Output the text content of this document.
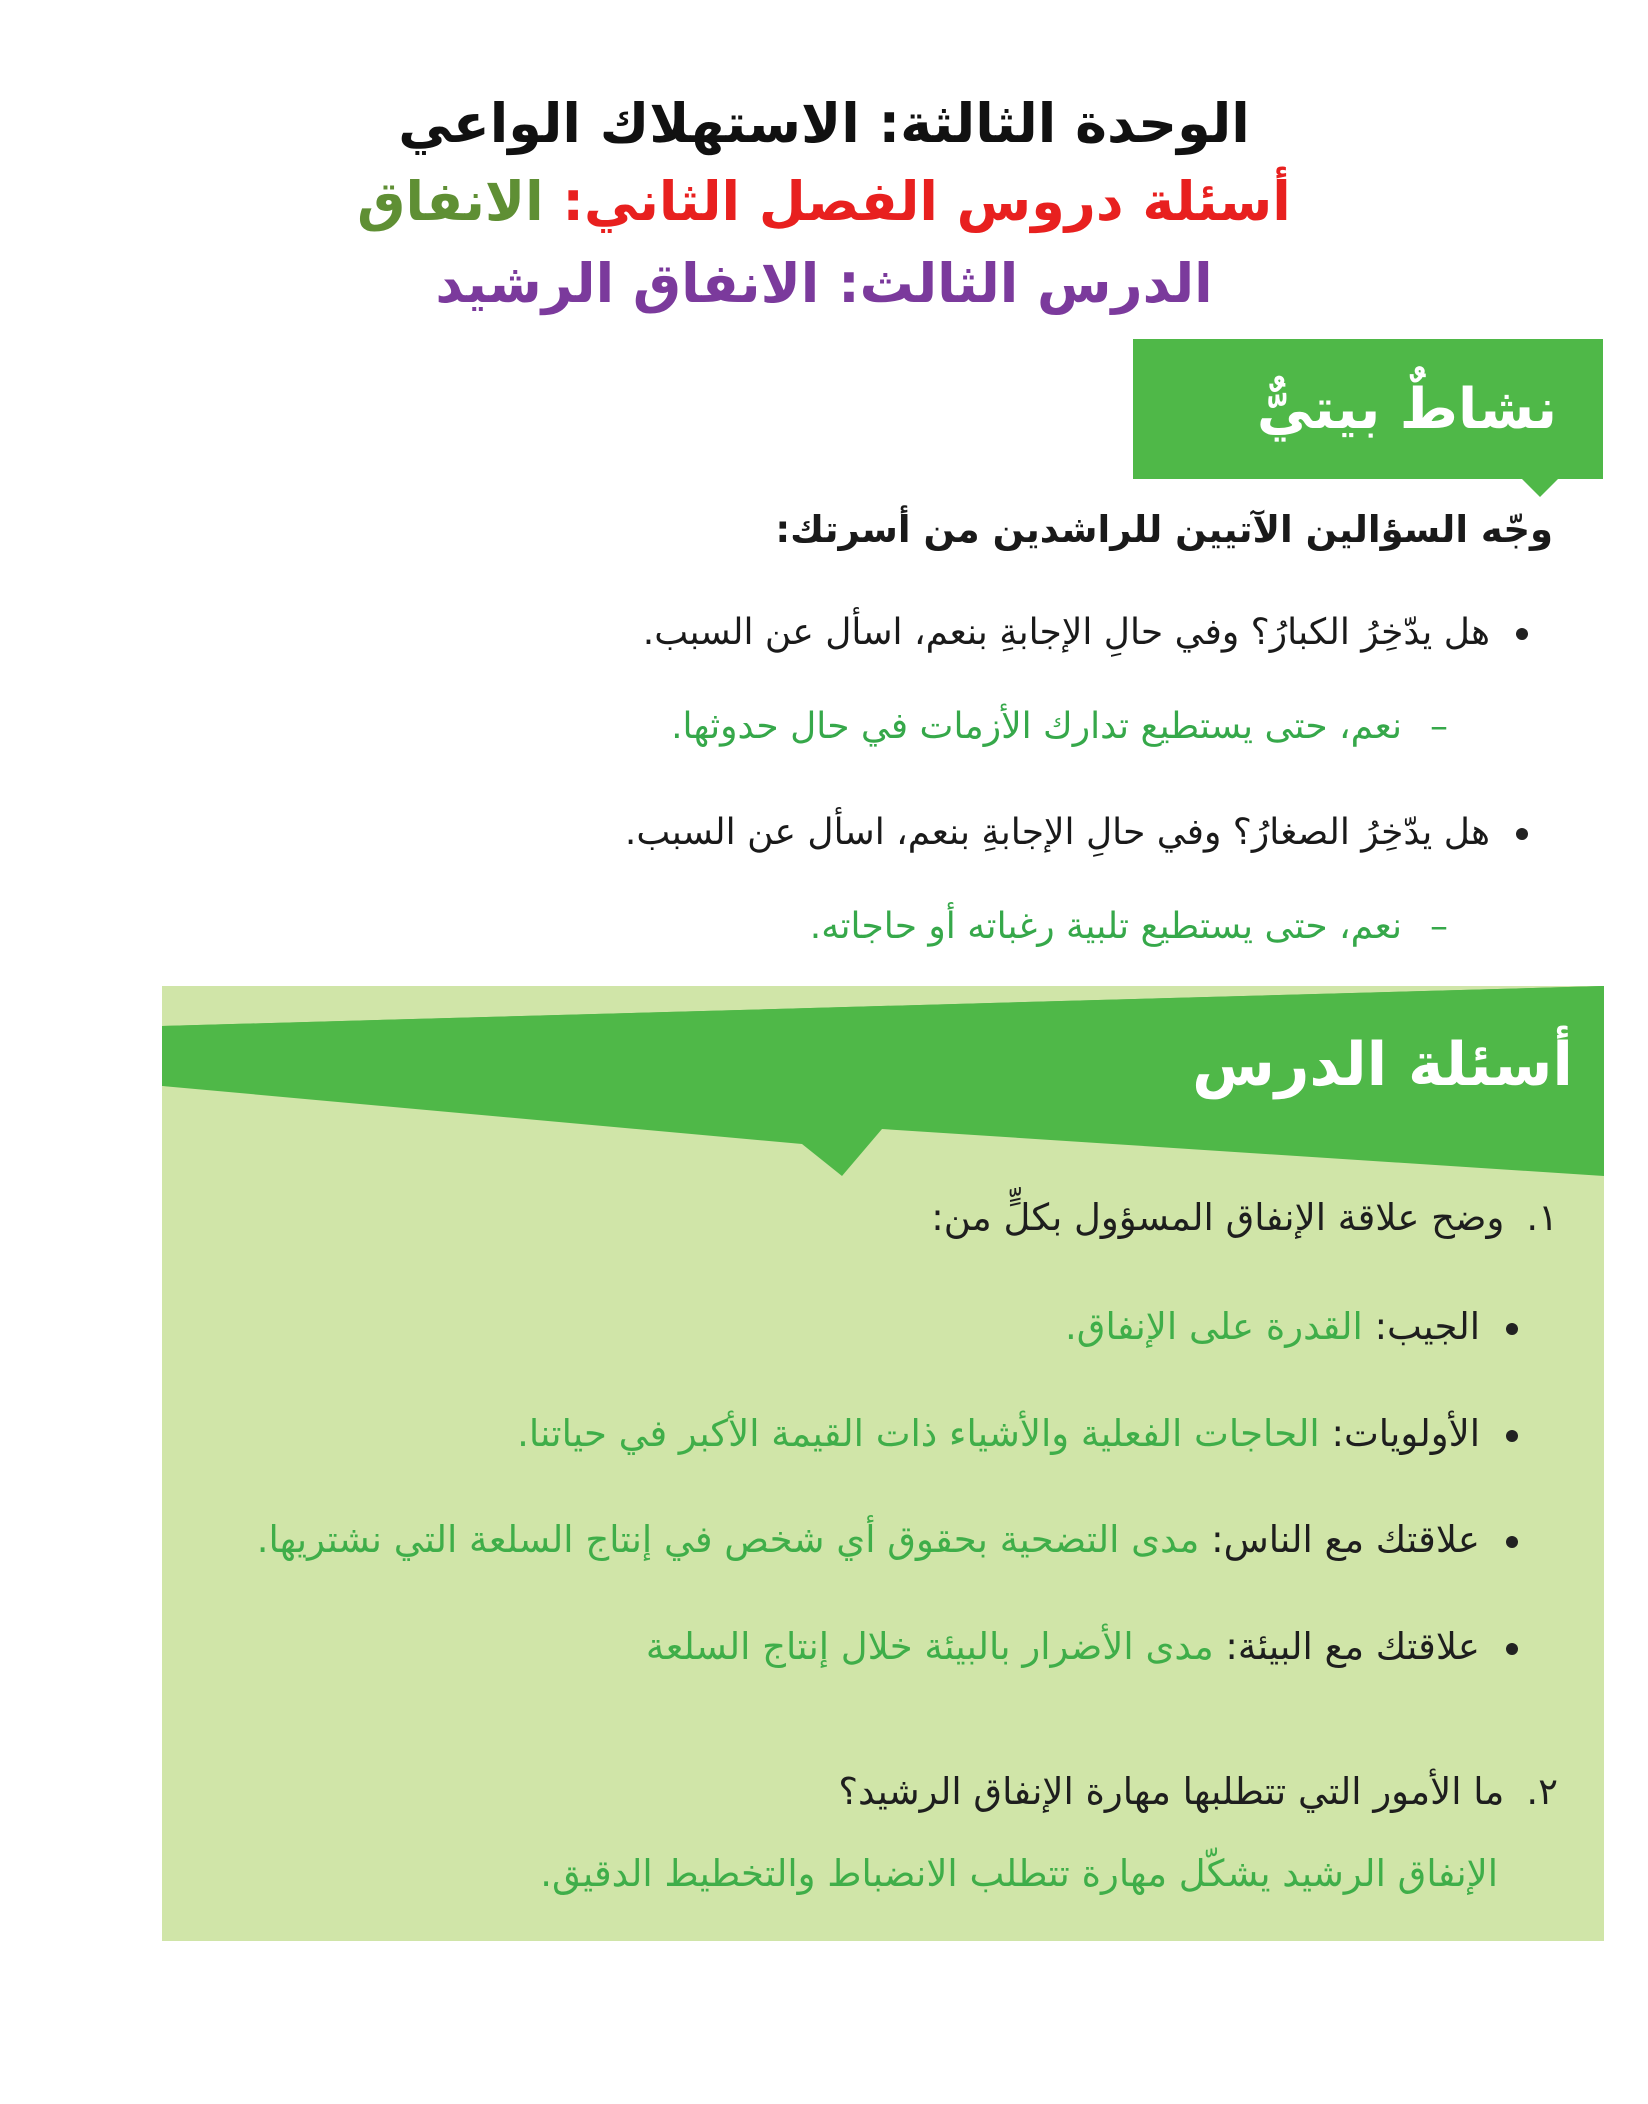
الوحدة الثالثة: الاستهلاك الواعي
أسئلة دروس الفصل الثاني: الانفاق
الدرس الثالث: الانفاق الرشيد
نشاطٌ بيتيٌّ
وجّه السؤالين الآتيين للراشدين من أسرتك:
هل يدّخِرُ الكبارُ؟ وفي حالِ الإجابةِ بنعم، اسأل عن السبب.
–نعم، حتى يستطيع تدارك الأزمات في حال حدوثها.
هل يدّخِرُ الصغارُ؟ وفي حالِ الإجابةِ بنعم، اسأل عن السبب.
–نعم، حتى يستطيع تلبية رغباته أو حاجاته.
أسئلة الدرس
١.وضح علاقة الإنفاق المسؤول بكلٍّ من:
الجيب: القدرة على الإنفاق.
الأولويات: الحاجات الفعلية والأشياء ذات القيمة الأكبر في حياتنا.
علاقتك مع الناس: مدى التضحية بحقوق أي شخص في إنتاج السلعة التي نشتريها.
علاقتك مع البيئة: مدى الأضرار بالبيئة خلال إنتاج السلعة
٢.ما الأمور التي تتطلبها مهارة الإنفاق الرشيد؟
الإنفاق الرشيد يشكّل مهارة تتطلب الانضباط والتخطيط الدقيق.
